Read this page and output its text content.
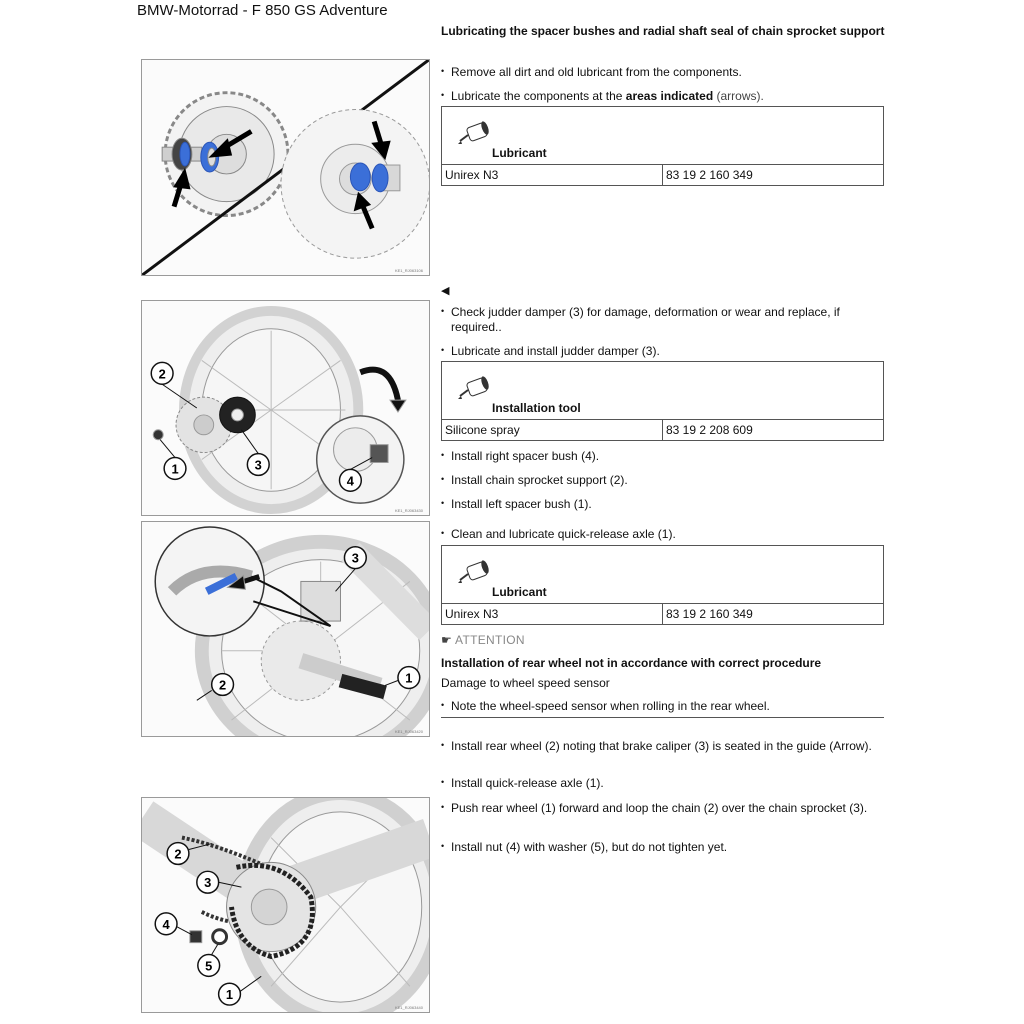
BMW-Motorrad - F 850 GS Adventure
KE1_RJ063106
Lubricating the spacer bushes and radial shaft seal of chain sprocket support
• Remove all dirt and old lubricant from the components.
• Lubricate the components at the areas indicated (arrows).
Lubricant
Unirex N3	83 19 2 160 349
◀
2
1	3
4
KE1_RJ063430
• Check judder damper (3) for damage, deformation or wear and replace, if required..
• Lubricate and install judder damper (3).
Installation tool
Silicone spray	83 19 2 208 609
• Install right spacer bush (4).
• Install chain sprocket support (2).
• Install left spacer bush (1).
3
2	1
KE1_RJ063420
• Clean and lubricate quick-release axle (1).
Lubricant
Unirex N3	83 19 2 160 349
☛ ATTENTION
Installation of rear wheel not in accordance with correct procedure
Damage to wheel speed sensor
• Note the wheel-speed sensor when rolling in the rear wheel.
• Install rear wheel (2) noting that brake caliper (3) is seated in the guide (Arrow).
• Install quick-release axle (1).
• Push rear wheel (1) forward and loop the chain (2) over the chain sprocket (3).
• Install nut (4) with washer (5), but do not tighten yet.
2
3
4
5
1
KE1_RJ063440
